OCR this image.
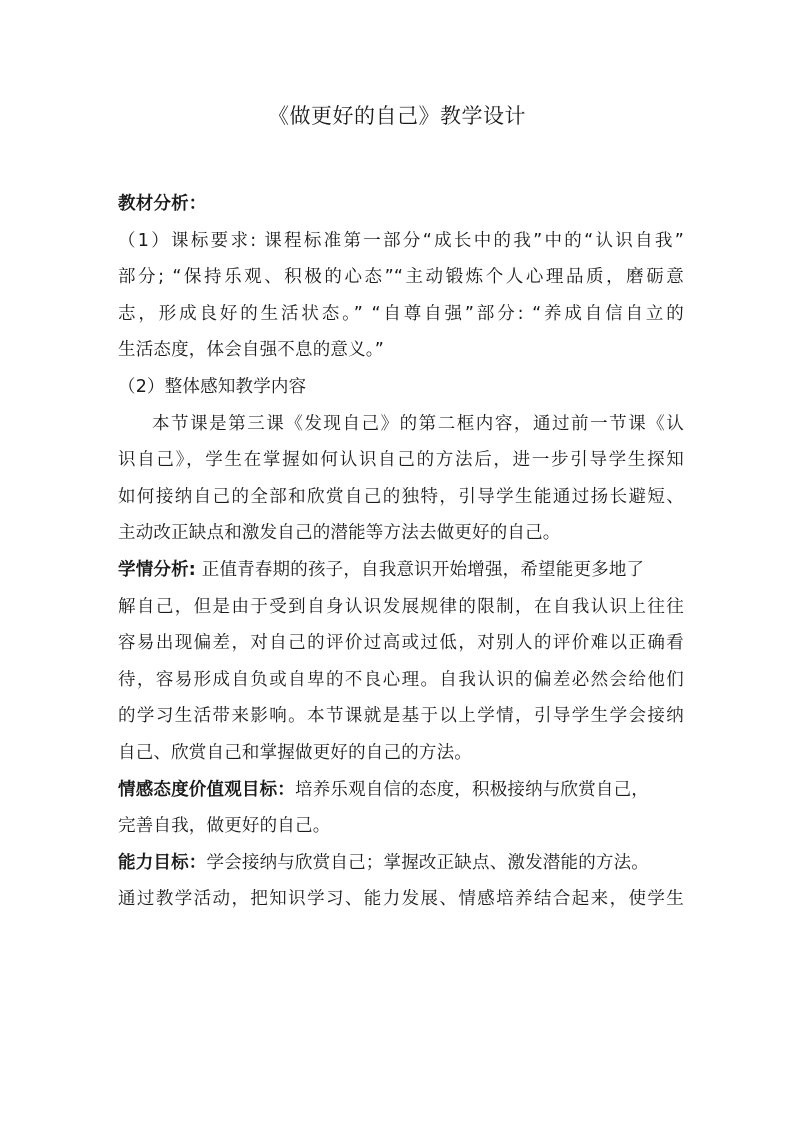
《做更好的自己》教学设计
教材分析：
（1）课标要求: 课程标准第一部分“成长中的我”中的“认识自我”
部分; “保持乐观、积极的心态”“主动锻炼个人心理品质，磨砺意
志，形成良好的生活状态。” “自尊自强”部分: “养成自信自立的
生活态度，体会自强不息的意义。”
（2）整体感知教学内容
本节课是第三课《发现自己》的第二框内容，通过前一节课《认
识自己》，学生在掌握如何认识自己的方法后，进一步引导学生探知
如何接纳自己的全部和欣赏自己的独特，引导学生能通过扬长避短、
主动改正缺点和激发自己的潜能等方法去做更好的自己。
学情分析: 正值青春期的孩子，自我意识开始增强，希望能更多地了
解自己，但是由于受到自身认识发展规律的限制，在自我认识上往往
容易出现偏差，对自己的评价过高或过低，对别人的评价难以正确看
待，容易形成自负或自卑的不良心理。自我认识的偏差必然会给他们
的学习生活带来影响。本节课就是基于以上学情，引导学生学会接纳
自己、欣赏自己和掌握做更好的自己的方法。
情感态度价值观目标：培养乐观自信的态度，积极接纳与欣赏自己，
完善自我，做更好的自己。
能力目标：学会接纳与欣赏自己；掌握改正缺点、激发潜能的方法。
通过教学活动，把知识学习、能力发展、情感培养结合起来，使学生
